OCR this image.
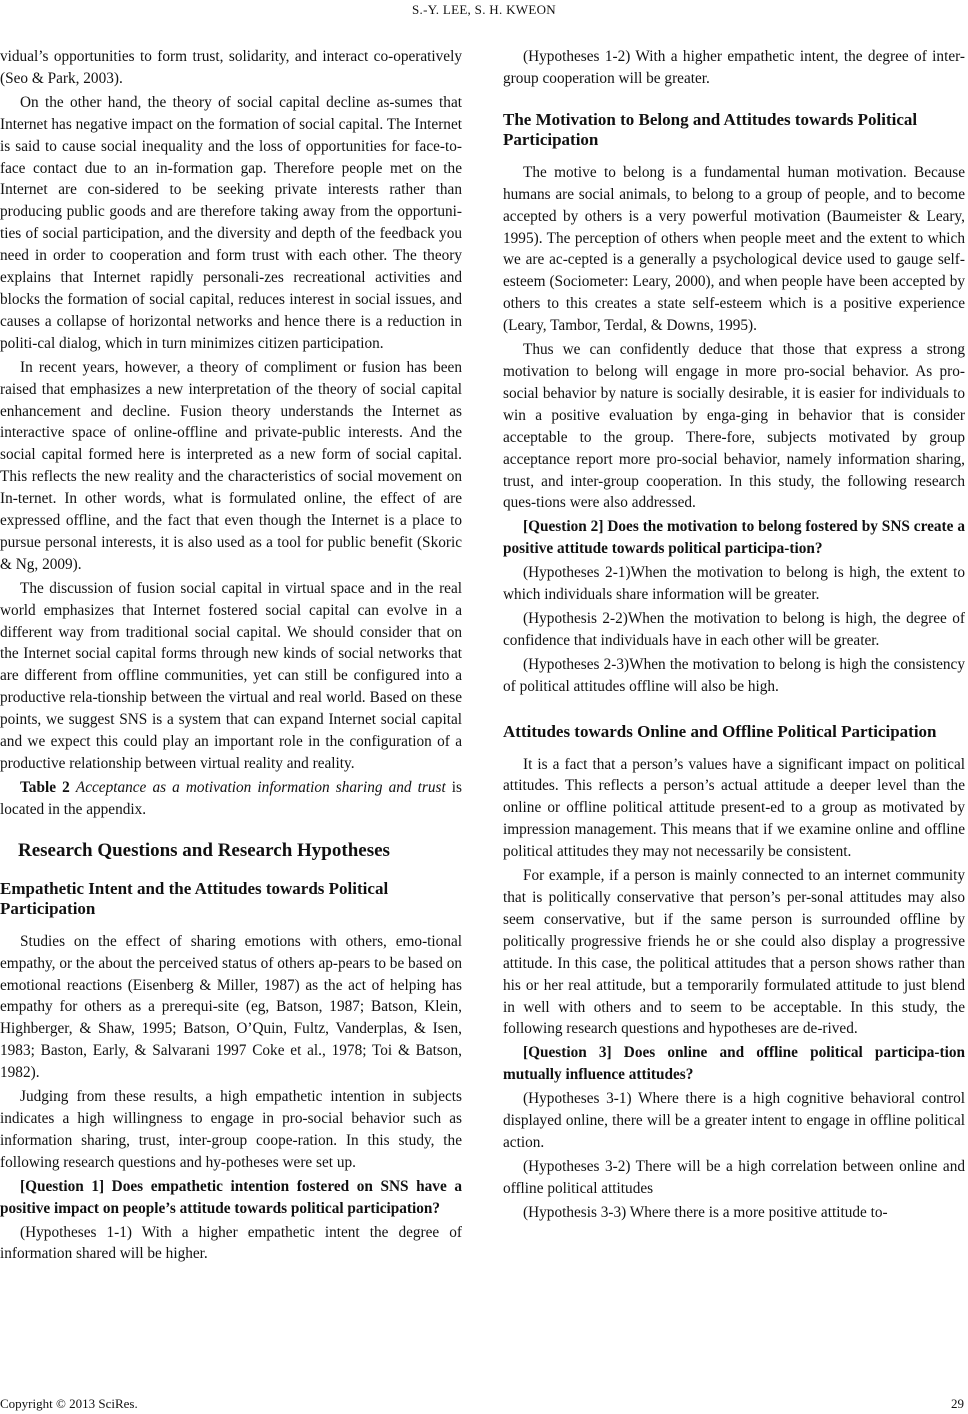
S.-Y. LEE, S. H. KWEON

vidual’s opportunities to form trust, solidarity, and interact co-operatively (Seo & Park, 2003).

On the other hand, the theory of social capital decline as-sumes that Internet has negative impact on the formation of social capital. The Internet is said to cause social inequality and the loss of opportunities for face-to-face contact due to an in-formation gap. Therefore people met on the Internet are con-sidered to be seeking private interests rather than producing public goods and are therefore taking away from the opportuni-ties of social participation, and the diversity and depth of the feedback you need in order to cooperation and form trust with each other. The theory explains that Internet rapidly personali-zes recreational activities and blocks the formation of social capital, reduces interest in social issues, and causes a collapse of horizontal networks and hence there is a reduction in politi-cal dialog, which in turn minimizes citizen participation.

In recent years, however, a theory of compliment or fusion has been raised that emphasizes a new interpretation of the theory of social capital enhancement and decline. Fusion theory understands the Internet as interactive space of online-offline and private-public interests. And the social capital formed here is interpreted as a new form of social capital. This reflects the new reality and the characteristics of social movement on In-ternet. In other words, what is formulated online, the effect of are expressed offline, and the fact that even though the Internet is a place to pursue personal interests, it is also used as a tool for public benefit (Skoric & Ng, 2009).

The discussion of fusion social capital in virtual space and in the real world emphasizes that Internet fostered social capital can evolve in a different way from traditional social capital. We should consider that on the Internet social capital forms through new kinds of social networks that are different from offline communities, yet can still be configured into a productive rela-tionship between the virtual and real world. Based on these points, we suggest SNS is a system that can expand Internet social capital and we expect this could play an important role in the configuration of a productive relationship between virtual reality and reality.

Table 2 Acceptance as a motivation information sharing and trust is located in the appendix.

Research Questions and Research Hypotheses
Empathetic Intent and the Attitudes towards Political Participation

Studies on the effect of sharing emotions with others, emo-tional empathy, or the about the perceived status of others ap-pears to be based on emotional reactions (Eisenberg & Miller, 1987) as the act of helping has empathy for others as a prerequi-site (eg, Batson, 1987; Batson, Klein, Highberger, & Shaw, 1995; Batson, O’Quin, Fultz, Vanderplas, & Isen, 1983; Baston, Early, & Salvarani 1997 Coke et al., 1978; Toi & Batson, 1982).

Judging from these results, a high empathetic intention in subjects indicates a high willingness to engage in pro-social behavior such as information sharing, trust, inter-group coope-ration. In this study, the following research questions and hy-potheses were set up.

[Question 1] Does empathetic intention fostered on SNS have a positive impact on people’s attitude towards political participation?

(Hypotheses 1-1) With a higher empathetic intent the degree of information shared will be higher.

(Hypotheses 1-2) With a higher empathetic intent, the degree of inter-group cooperation will be greater.

The Motivation to Belong and Attitudes towards Political Participation

The motive to belong is a fundamental human motivation. Because humans are social animals, to belong to a group of people, and to become accepted by others is a very powerful motivation (Baumeister & Leary, 1995). The perception of others when people meet and the extent to which we are ac-cepted is a generally a psychological device used to gauge self-esteem (Sociometer: Leary, 2000), and when people have been accepted by others to this creates a state self-esteem which is a positive experience (Leary, Tambor, Terdal, & Downs, 1995).

Thus we can confidently deduce that those that express a strong motivation to belong will engage in more pro-social behavior. As pro-social behavior by nature is socially desirable, it is easier for individuals to win a positive evaluation by enga-ging in behavior that is consider acceptable to the group. There-fore, subjects motivated by group acceptance report more pro-social behavior, namely information sharing, trust, and inter-group cooperation. In this study, the following research ques-tions were also addressed.

[Question 2] Does the motivation to belong fostered by SNS create a positive attitude towards political participa-tion?

(Hypotheses 2-1)When the motivation to belong is high, the extent to which individuals share information will be greater.

(Hypothesis 2-2)When the motivation to belong is high, the degree of confidence that individuals have in each other will be greater.

(Hypotheses 2-3)When the motivation to belong is high the consistency of political attitudes offline will also be high.

Attitudes towards Online and Offline Political Participation

It is a fact that a person’s values have a significant impact on political attitudes. This reflects a person’s actual attitude a deeper level than the online or offline political attitude present-ed to a group as motivated by impression management. This means that if we examine online and offline political attitudes they may not necessarily be consistent.

For example, if a person is mainly connected to an internet community that is politically conservative that person’s per-sonal attitudes may also seem conservative, but if the same person is surrounded offline by politically progressive friends he or she could also display a progressive attitude. In this case, the political attitudes that a person shows rather than his or her real attitude, but a temporarily formulated attitude to just blend in well with others and to seem to be acceptable. In this study, the following research questions and hypotheses are de-rived.

[Question 3] Does online and offline political participa-tion mutually influence attitudes?

(Hypotheses 3-1) Where there is a high cognitive behavioral control displayed online, there will be a greater intent to engage in offline political action.

(Hypotheses 3-2) There will be a high correlation between online and offline political attitudes

(Hypothesis 3-3) Where there is a more positive attitude to-

Copyright © 2013 SciRes.	29
